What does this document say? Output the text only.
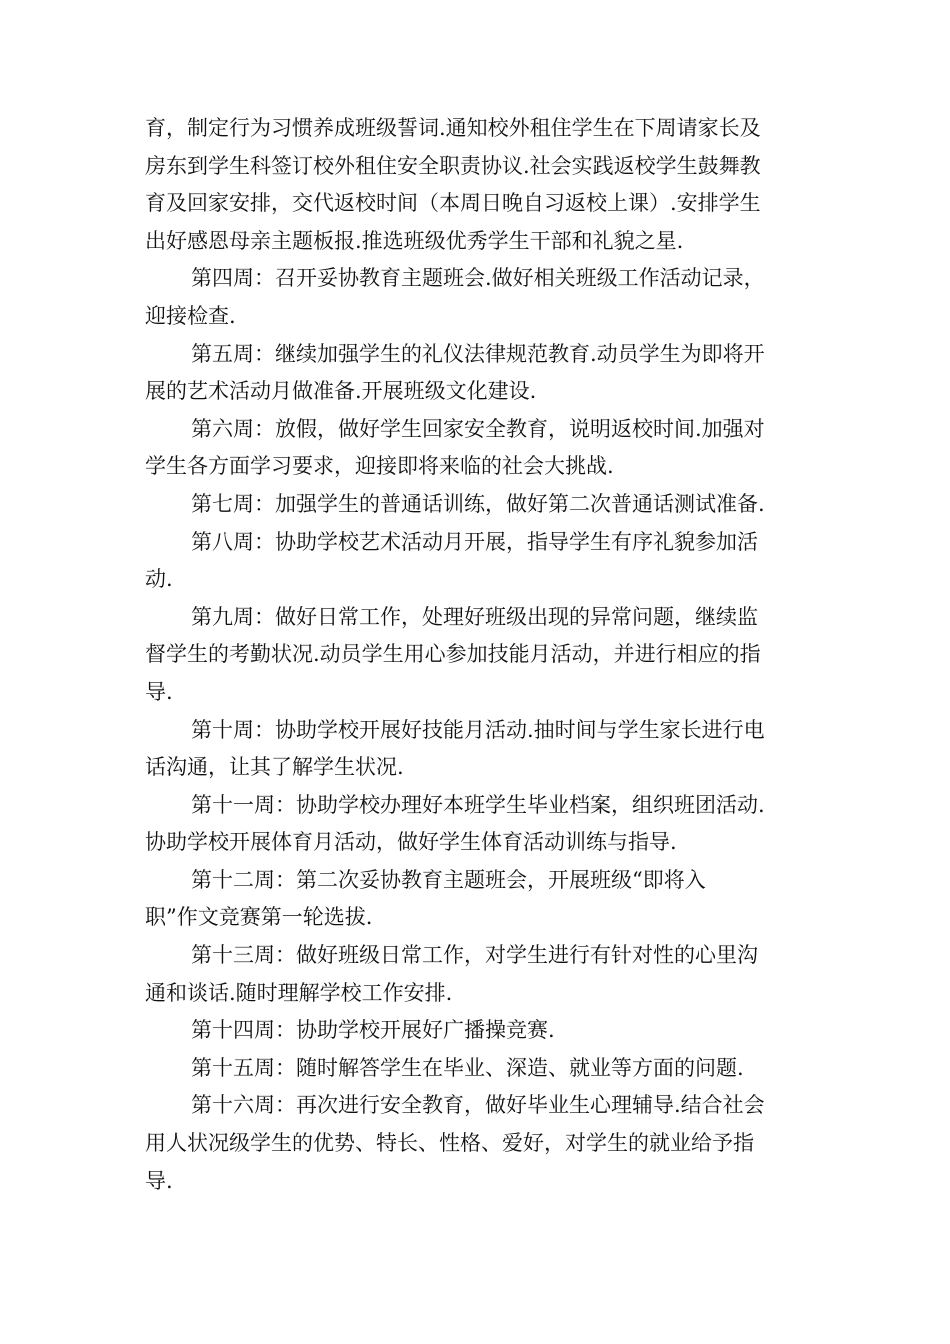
育，制定行为习惯养成班级誓词.通知校外租住学生在下周请家长及
房东到学生科签订校外租住安全职责协议.社会实践返校学生鼓舞教
育及回家安排，交代返校时间（本周日晚自习返校上课）.安排学生
出好感恩母亲主题板报.推选班级优秀学生干部和礼貌之星.

第四周：召开妥协教育主题班会.做好相关班级工作活动记录，
迎接检查.

第五周：继续加强学生的礼仪法律规范教育.动员学生为即将开
展的艺术活动月做准备.开展班级文化建设.

第六周：放假，做好学生回家安全教育，说明返校时间.加强对
学生各方面学习要求，迎接即将来临的社会大挑战.

第七周：加强学生的普通话训练，做好第二次普通话测试准备.

第八周：协助学校艺术活动月开展，指导学生有序礼貌参加活
动.

第九周：做好日常工作，处理好班级出现的异常问题，继续监
督学生的考勤状况.动员学生用心参加技能月活动，并进行相应的指
导.

第十周：协助学校开展好技能月活动.抽时间与学生家长进行电
话沟通，让其了解学生状况.

第十一周：协助学校办理好本班学生毕业档案，组织班团活动.
协助学校开展体育月活动，做好学生体育活动训练与指导.

第十二周：第二次妥协教育主题班会，开展班级“即将入
职”作文竞赛第一轮选拔.

第十三周：做好班级日常工作，对学生进行有针对性的心里沟
通和谈话.随时理解学校工作安排.

第十四周：协助学校开展好广播操竞赛.

第十五周：随时解答学生在毕业、深造、就业等方面的问题.

第十六周：再次进行安全教育，做好毕业生心理辅导.结合社会
用人状况级学生的优势、特长、性格、爱好，对学生的就业给予指
导.
